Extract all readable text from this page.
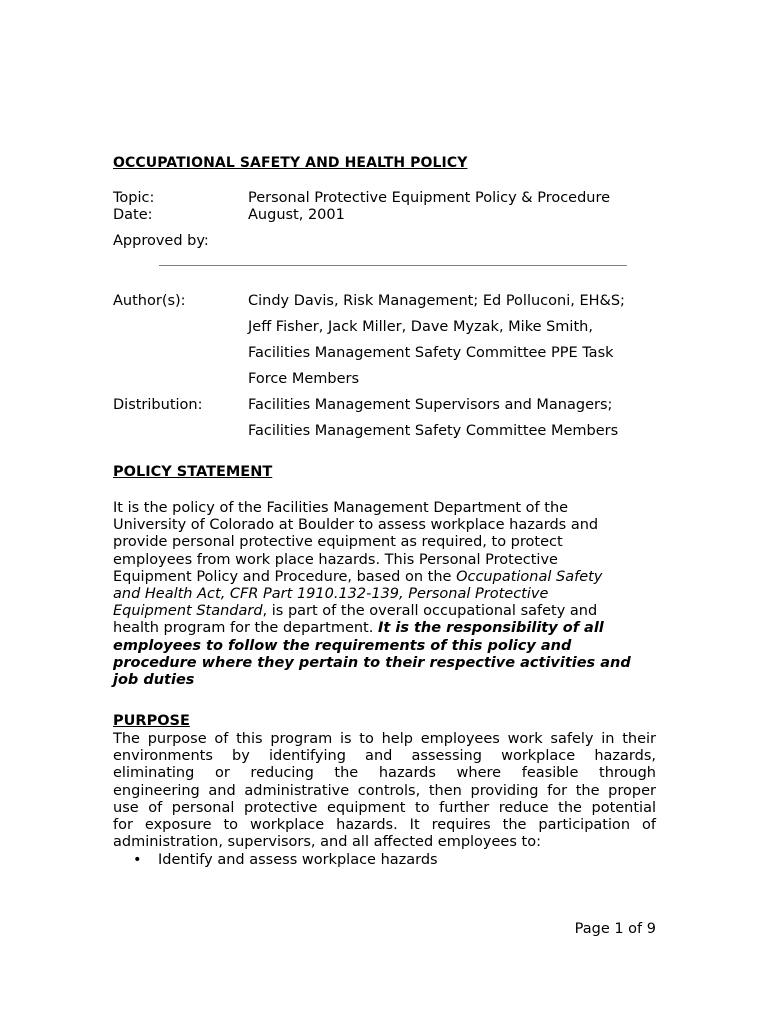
OCCUPATIONAL SAFETY AND HEALTH POLICY
Topic:	Personal Protective Equipment Policy & Procedure
Date:	August, 2001
Approved by:
Author(s):	Cindy Davis, Risk Management; Ed Polluconi, EH&S;
Jeff Fisher, Jack Miller, Dave Myzak, Mike Smith,
Facilities Management Safety Committee PPE Task
Force Members
Distribution:	Facilities Management Supervisors and Managers;
Facilities Management Safety Committee Members
POLICY STATEMENT
It is the policy of the Facilities Management Department of the
University of Colorado at Boulder to assess workplace hazards and
provide personal protective equipment as required, to protect
employees from work place hazards. This Personal Protective
Equipment Policy and Procedure, based on the Occupational Safety
and Health Act, CFR Part 1910.132-139, Personal Protective
Equipment Standard, is part of the overall occupational safety and
health program for the department. It is the responsibility of all
employees to follow the requirements of this policy and
procedure where they pertain to their respective activities and
job duties
PURPOSE
The purpose of this program is to help employees work safely in their
environments by identifying and assessing workplace hazards,
eliminating or reducing the hazards where feasible through
engineering and administrative controls, then providing for the proper
use of personal protective equipment to further reduce the potential
for exposure to workplace hazards. It requires the participation of
administration, supervisors, and all affected employees to:
• Identify and assess workplace hazards
Page 1 of 9
